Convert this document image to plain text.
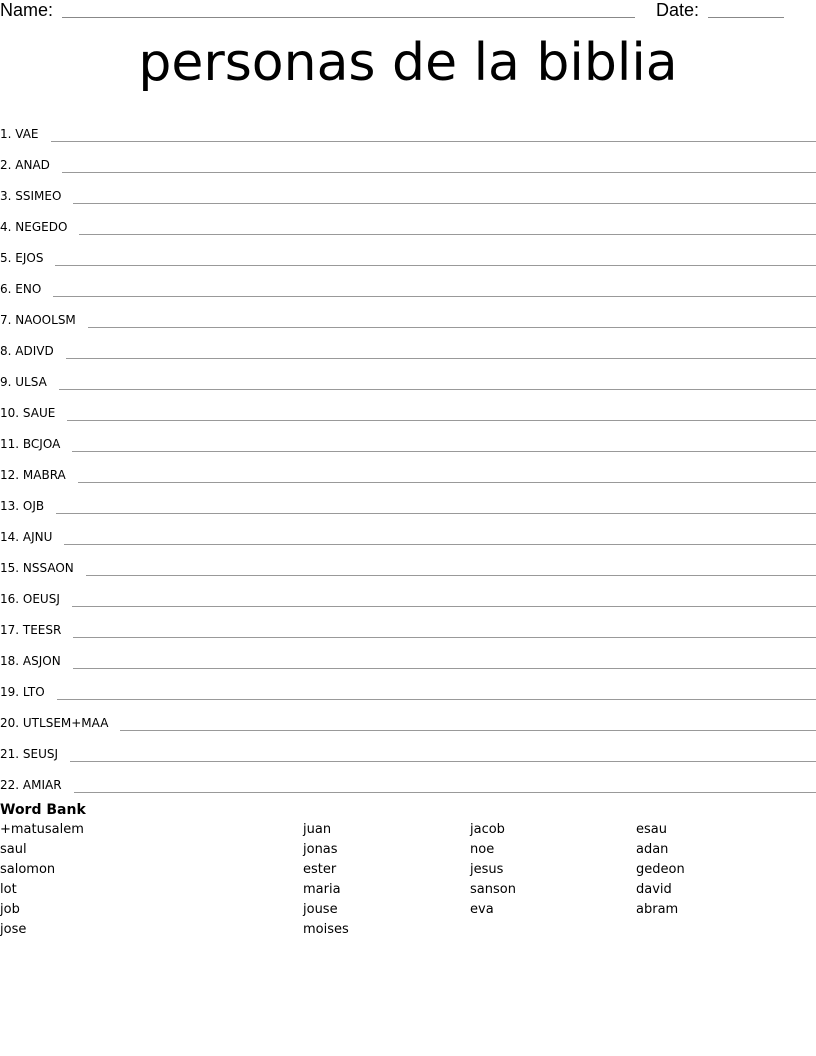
Name:	Date:
personas de la biblia
1. VAE
2. ANAD
3. SSIMEO
4. NEGEDO
5. EJOS
6. ENO
7. NAOOLSM
8. ADIVD
9. ULSA
10. SAUE
11. BCJOA
12. MABRA
13. OJB
14. AJNU
15. NSSAON
16. OEUSJ
17. TEESR
18. ASJON
19. LTO
20. UTLSEM+MAA
21. SEUSJ
22. AMIAR
Word Bank
+matusalem
saul
salomon
lot
job
jose
juan
jonas
ester
maria
jouse
moises
jacob
noe
jesus
sanson
eva
esau
adan
gedeon
david
abram
